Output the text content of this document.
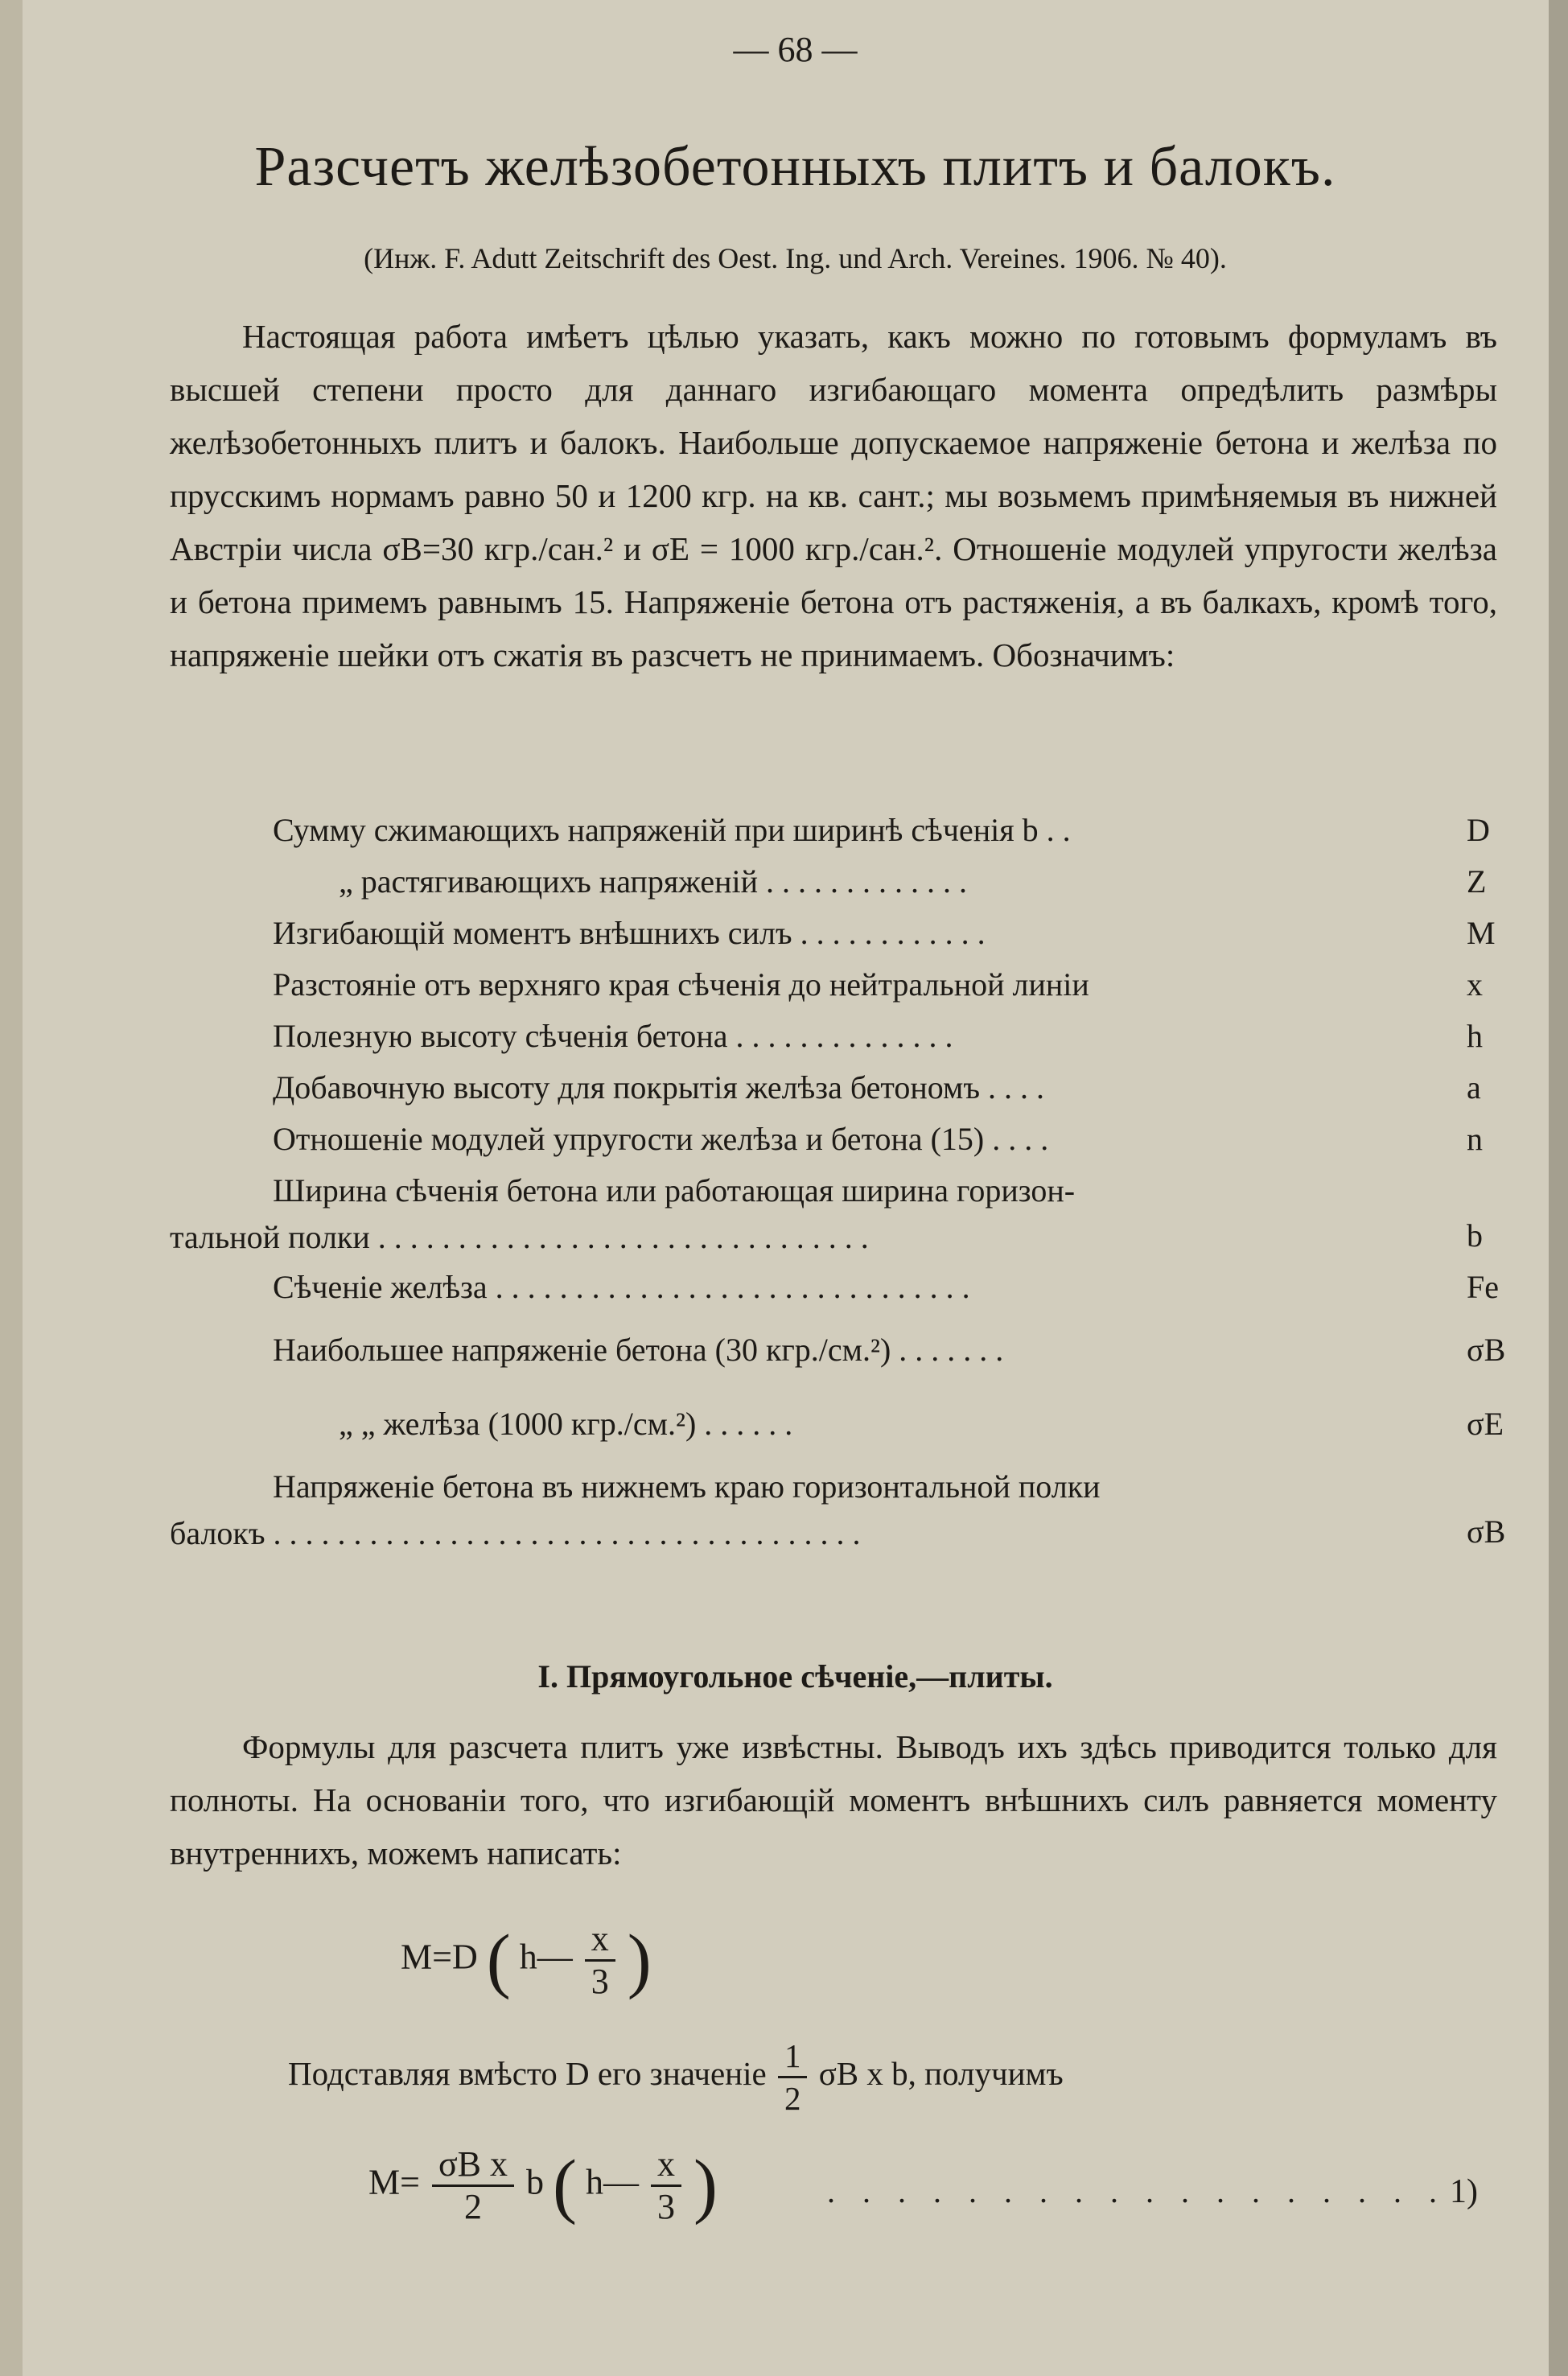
— 68 —
Разсчетъ желѣзобетонныхъ плитъ и балокъ.
(Инж. F. Adutt Zeitschrift des Oest. Ing. und Arch. Vereines. 1906. № 40).
Настоящая работа имѣетъ цѣлью указать, какъ можно по готовымъ формуламъ въ высшей степени просто для даннаго изгибающаго момента опредѣлить размѣры желѣзобетонныхъ плитъ и балокъ. Наибольше допускаемое напряженіе бетона и желѣза по прусскимъ нормамъ равно 50 и 1200 кгр. на кв. сант.; мы возьмемъ примѣняемыя въ нижней Австріи числа σB=30 кгр./сан.² и σE = 1000 кгр./сан.². Отношеніе модулей упругости желѣза и бетона примемъ равнымъ 15. Напряженіе бетона отъ растяженія, а въ балкахъ, кромѣ того, напряженіе шейки отъ сжатія въ разсчетъ не принимаемъ. Обозначимъ:
Сумму сжимающихъ напряженій при ширинѣ сѣченія b . .	D
„ растягивающихъ напряженій . . . . . . . . . . . . .	Z
Изгибающій моментъ внѣшнихъ силъ . . . . . . . . . . . .	M
Разстояніе отъ верхняго края сѣченія до нейтральной линіи	x
Полезную высоту сѣченія бетона . . . . . . . . . . . . . .	h
Добавочную высоту для покрытія желѣза бетономъ . . . .	a
Отношеніе модулей упругости желѣза и бетона (15) . . . .	n
Ширина сѣченія бетона или работающая ширина горизон-
тальной полки . . . . . . . . . . . . . . . . . . . . . . . . . . . . . . .	b
Сѣченіе желѣза . . . . . . . . . . . . . . . . . . . . . . . . . . . . . .	Fe
Наибольшее напряженіе бетона (30 кгр./см.²) . . . . . . .	σB
„ „ желѣза (1000 кгр./см.²) . . . . . .	σE
Напряженіе бетона въ нижнемъ краю горизонтальной полки
балокъ . . . . . . . . . . . . . . . . . . . . . . . . . . . . . . . . . . . . .	σB
I. Прямоугольное сѣченіе,—плиты.
Формулы для разсчета плитъ уже извѣстны. Выводъ ихъ здѣсь приводится только для полноты. На основаніи того, что изгибающій моментъ внѣшнихъ силъ равняется моменту внутреннихъ, можемъ написать:
M=D ( h— $\frac{x}{3}$ )
Подставляя вмѣсто D его значеніе $\frac{1}{2}$ σB x b, получимъ
$M= \frac{\text{σB x}}{2}$ b ( h— $\frac{x}{3}$ )	. . . . . . . . . . . . . . . . . . 1)
